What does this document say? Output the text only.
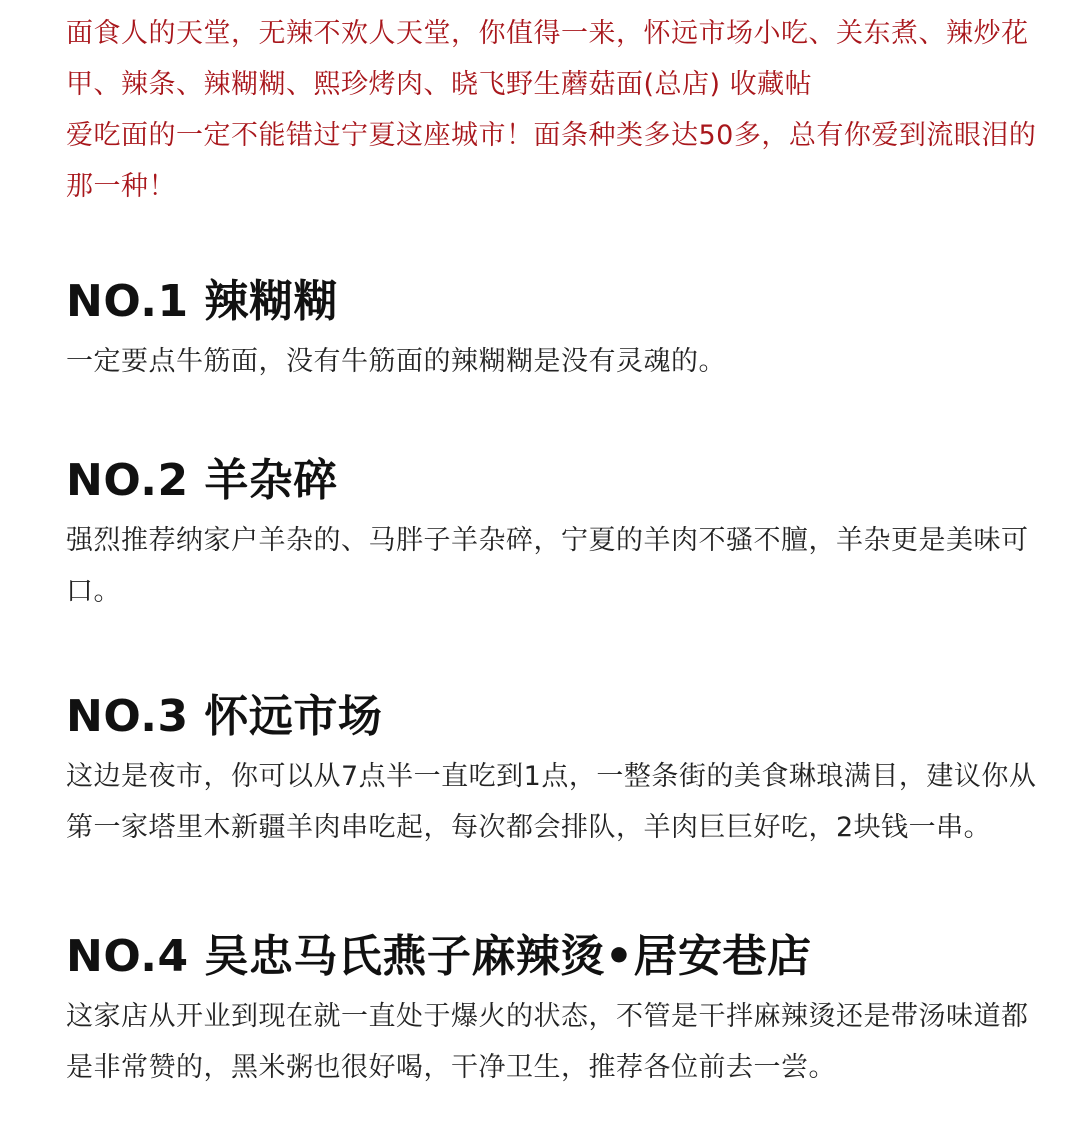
面食人的天堂，无辣不欢人天堂，你值得一来，怀远市场小吃、关东煮、辣炒花甲、辣条、辣糊糊、熙珍烤肉、晓飞野生蘑菇面(总店) 收藏帖

爱吃面的一定不能错过宁夏这座城市！面条种类多达50多，总有你爱到流眼泪的那一种！

NO.1 辣糊糊

一定要点牛筋面，没有牛筋面的辣糊糊是没有灵魂的。

NO.2 羊杂碎

强烈推荐纳家户羊杂的、马胖子羊杂碎，宁夏的羊肉不骚不膻，羊杂更是美味可口。

NO.3 怀远市场

这边是夜市，你可以从7点半一直吃到1点，一整条街的美食琳琅满目，建议你从第一家塔里木新疆羊肉串吃起，每次都会排队，羊肉巨巨好吃，2块钱一串。

NO.4 吴忠马氏燕子麻辣烫•居安巷店

这家店从开业到现在就一直处于爆火的状态，不管是干拌麻辣烫还是带汤味道都是非常赞的，黑米粥也很好喝，干净卫生，推荐各位前去一尝。
